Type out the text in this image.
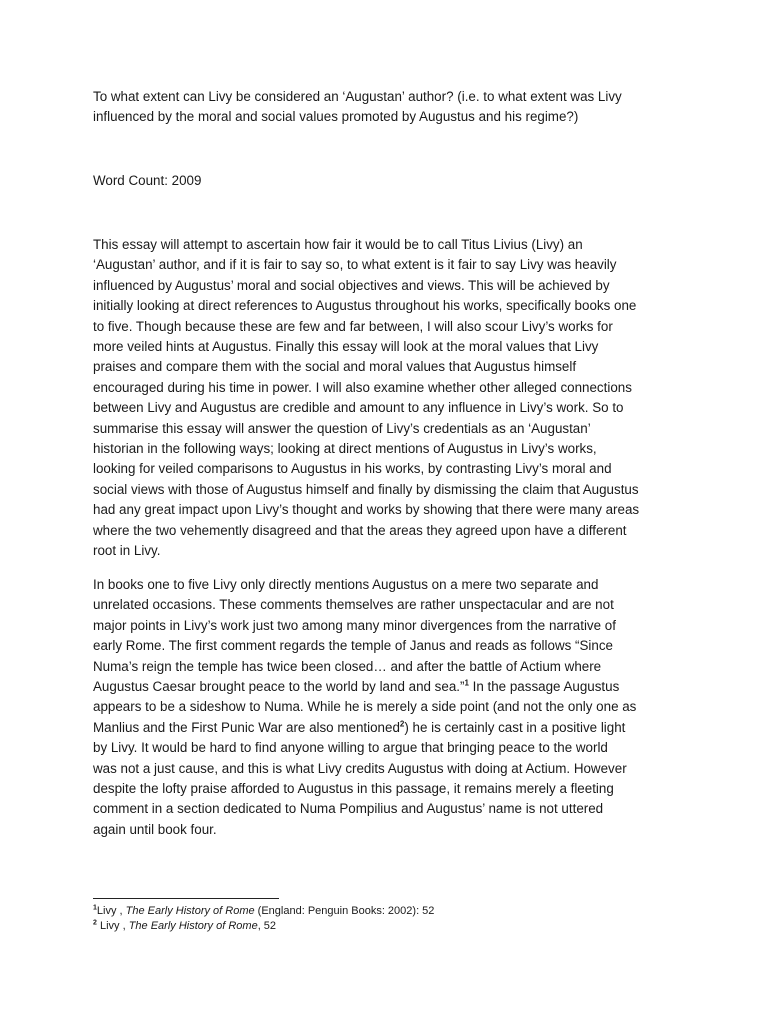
To what extent can Livy be considered an ‘Augustan’ author? (i.e. to what extent was Livy
influenced by the moral and social values promoted by Augustus and his regime?)
Word Count: 2009
This essay will attempt to ascertain how fair it would be to call Titus Livius (Livy) an
‘Augustan’ author, and if it is fair to say so, to what extent is it fair to say Livy was heavily
influenced by Augustus’ moral and social objectives and views. This will be achieved by
initially looking at direct references to Augustus throughout his works, specifically books one
to five. Though because these are few and far between, I will also scour Livy’s works for
more veiled hints at Augustus. Finally this essay will look at the moral values that Livy
praises and compare them with the social and moral values that Augustus himself
encouraged during his time in power. I will also examine whether other alleged connections
between Livy and Augustus are credible and amount to any influence in Livy’s work. So to
summarise this essay will answer the question of Livy’s credentials as an ‘Augustan’
historian in the following ways; looking at direct mentions of Augustus in Livy’s works,
looking for veiled comparisons to Augustus in his works, by contrasting Livy’s moral and
social views with those of Augustus himself and finally by dismissing the claim that Augustus
had any great impact upon Livy’s thought and works by showing that there were many areas
where the two vehemently disagreed and that the areas they agreed upon have a different
root in Livy.
In books one to five Livy only directly mentions Augustus on a mere two separate and
unrelated occasions. These comments themselves are rather unspectacular and are not
major points in Livy’s work just two among many minor divergences from the narrative of
early Rome. The first comment regards the temple of Janus and reads as follows “Since
Numa’s reign the temple has twice been closed… and after the battle of Actium where
Augustus Caesar brought peace to the world by land and sea.”$^1$ In the passage Augustus
appears to be a sideshow to Numa. While he is merely a side point (and not the only one as
Manlius and the First Punic War are also mentioned$^2$) he is certainly cast in a positive light
by Livy. It would be hard to find anyone willing to argue that bringing peace to the world
was not a just cause, and this is what Livy credits Augustus with doing at Actium. However
despite the lofty praise afforded to Augustus in this passage, it remains merely a fleeting
comment in a section dedicated to Numa Pompilius and Augustus’ name is not uttered
again until book four.
$^1$Livy , The Early History of Rome (England: Penguin Books: 2002): 52
$^2$ Livy , The Early History of Rome, 52
